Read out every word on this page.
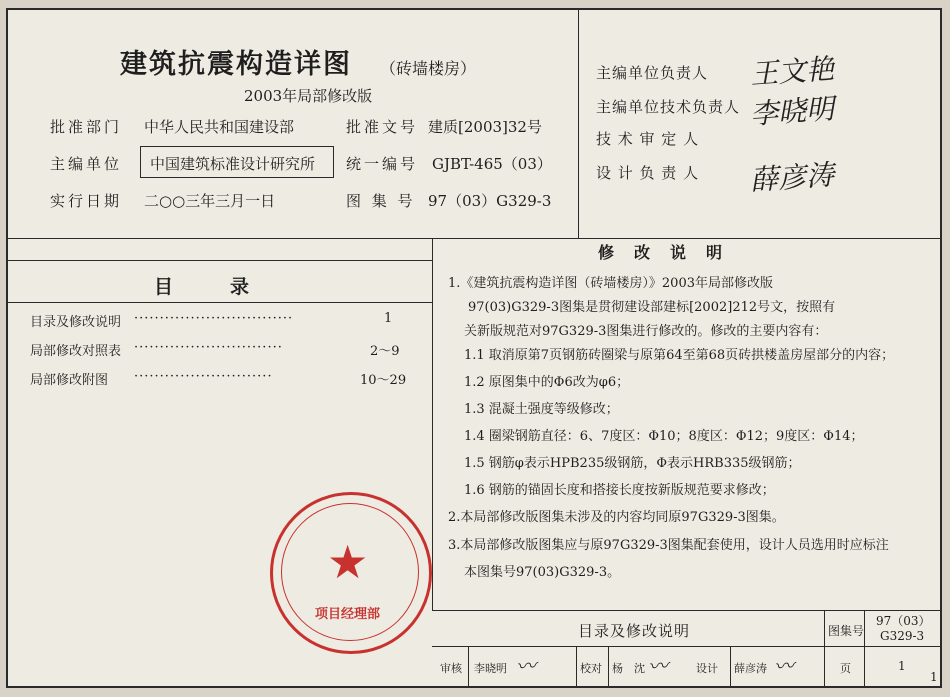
建筑抗震构造详图 （砖墙楼房）
2003年局部修改版
批准部门 中华人民共和国建设部	批准文号 建质[2003]32号
主编单位 中国建筑标准设计研究所 统一编号 GJBT-465（03）
实行日期 二○○三年三月一日	图 集 号 97（03）G329-3
主编单位负责人 王文艳
主编单位技术负责人 李晓明
技 术 审 定 人
设 计 负 责 人 薛彦涛
目　　　录
目录及修改说明 ·······························	1
局部修改对照表 ·····························	2～9
局部修改附图 ···························	10～29
修　改　说　明
1.《建筑抗震构造详图（砖墙楼房）》2003年局部修改版
97(03)G329-3图集是贯彻建设部建标[2002]212号文，按照有
关新版规范对97G329-3图集进行修改的。修改的主要内容有：
1.1 取消原第7页钢筋砖圈梁与原第64至第68页砖拱楼盖房屋部分的内容；
1.2 原图集中的Φ6改为φ6；
1.3 混凝土强度等级修改；
1.4 圈梁钢筋直径：6、7度区：Φ10；8度区：Φ12；9度区：Φ14；
1.5 钢筋φ表示HPB235级钢筋，Φ表示HRB335级钢筋；
1.6 钢筋的锚固长度和搭接长度按新版规范要求修改；
2.本局部修改版图集未涉及的内容均同原97G329-3图集。
3.本局部修改版图集应与原97G329-3图集配套使用，设计人员选用时应标注
本图集号97(03)G329-3。
★
项目经理部
目录及修改说明	图集号
97（03）
G329-3
审核 李晓明 〰	校对 杨　沈 〰 设计 薛彦涛 〰	页	1
1
